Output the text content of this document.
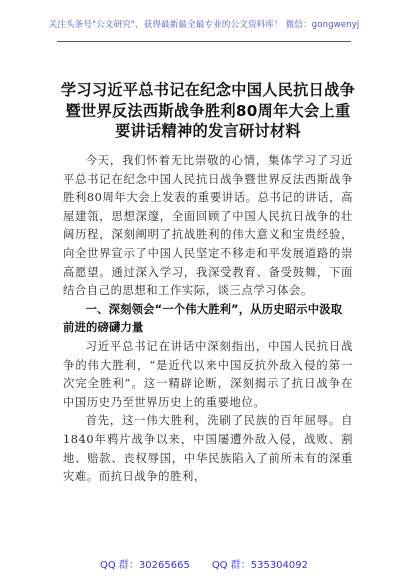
关注头条号"公文研究"，获得最新最全最专业的公文资料库！ 微信：gongwenyj
学习习近平总书记在纪念中国人民抗日战争暨世界反法西斯战争胜利80周年大会上重要讲话精神的发言研讨材料

今天，我们怀着无比崇敬的心情，集体学习了习近平总书记在纪念中国人民抗日战争暨世界反法西斯战争胜利80周年大会上发表的重要讲话。总书记的讲话，高屋建瓴，思想深邃，全面回顾了中国人民抗日战争的壮阔历程，深刻阐明了抗战胜利的伟大意义和宝贵经验，向全世界宣示了中国人民坚定不移走和平发展道路的崇高愿望。通过深入学习，我深受教育、备受鼓舞，下面结合自己的思想和工作实际，谈三点学习体会。

一、深刻领会“一个伟大胜利”，从历史昭示中汲取前进的磅礴力量

习近平总书记在讲话中深刻指出，中国人民抗日战争的伟大胜利，“是近代以来中国反抗外敌入侵的第一次完全胜利”。这一精辟论断，深刻揭示了抗日战争在中国历史乃至世界历史上的重要地位。

首先，这一伟大胜利，洗刷了民族的百年屈辱。自1840年鸦片战争以来，中国屡遭外敌入侵，战败、割地、赔款、丧权辱国，中华民族陷入了前所未有的深重灾难。而抗日战争的胜利，

QQ 群：30265665 QQ 群：535304092
